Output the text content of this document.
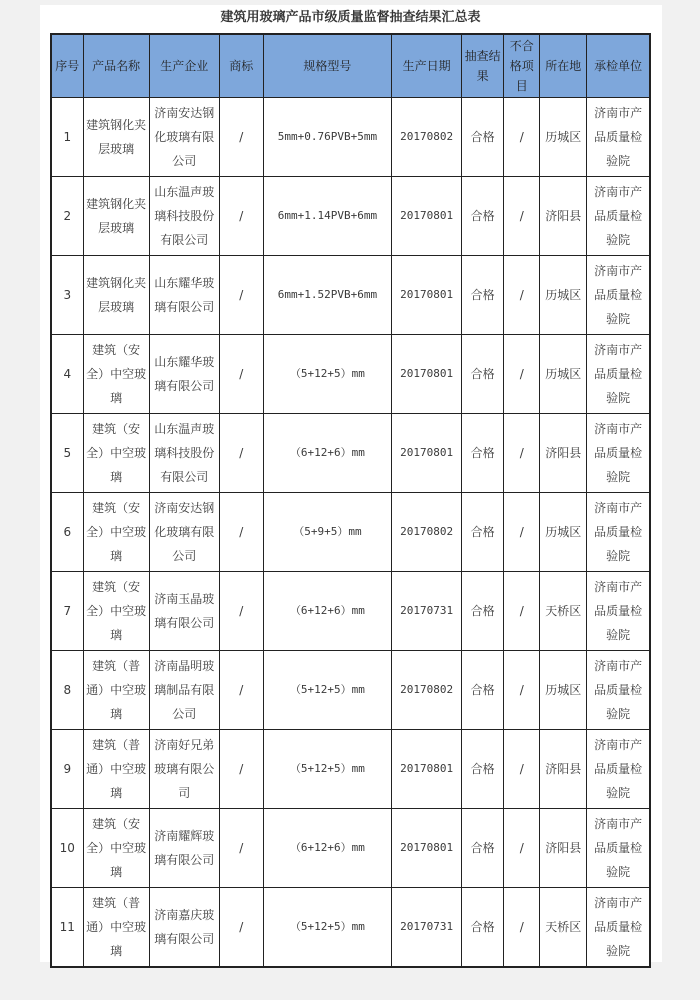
建筑用玻璃产品市级质量监督抽查结果汇总表
序号	产品名称	生产企业	商标	规格型号	生产日期	抽查结果	不合格项目	所在地	承检单位
1	建筑钢化夹层玻璃	济南安达钢化玻璃有限公司	/	5mm+0.76PVB+5mm	20170802	合格	/	历城区	济南市产品质量检验院
2	建筑钢化夹层玻璃	山东温声玻璃科技股份有限公司	/	6mm+1.14PVB+6mm	20170801	合格	/	济阳县	济南市产品质量检验院
3	建筑钢化夹层玻璃	山东耀华玻璃有限公司	/	6mm+1.52PVB+6mm	20170801	合格	/	历城区	济南市产品质量检验院
4	建筑（安全）中空玻璃	山东耀华玻璃有限公司	/	（5+12+5）mm	20170801	合格	/	历城区	济南市产品质量检验院
5	建筑（安全）中空玻璃	山东温声玻璃科技股份有限公司	/	（6+12+6）mm	20170801	合格	/	济阳县	济南市产品质量检验院
6	建筑（安全）中空玻璃	济南安达钢化玻璃有限公司	/	（5+9+5）mm	20170802	合格	/	历城区	济南市产品质量检验院
7	建筑（安全）中空玻璃	济南玉晶玻璃有限公司	/	（6+12+6）mm	20170731	合格	/	天桥区	济南市产品质量检验院
8	建筑（普通）中空玻璃	济南晶明玻璃制品有限公司	/	（5+12+5）mm	20170802	合格	/	历城区	济南市产品质量检验院
9	建筑（普通）中空玻璃	济南好兄弟玻璃有限公司	/	（5+12+5）mm	20170801	合格	/	济阳县	济南市产品质量检验院
10	建筑（安全）中空玻璃	济南耀辉玻璃有限公司	/	（6+12+6）mm	20170801	合格	/	济阳县	济南市产品质量检验院
11	建筑（普通）中空玻璃	济南嘉庆玻璃有限公司	/	（5+12+5）mm	20170731	合格	/	天桥区	济南市产品质量检验院
